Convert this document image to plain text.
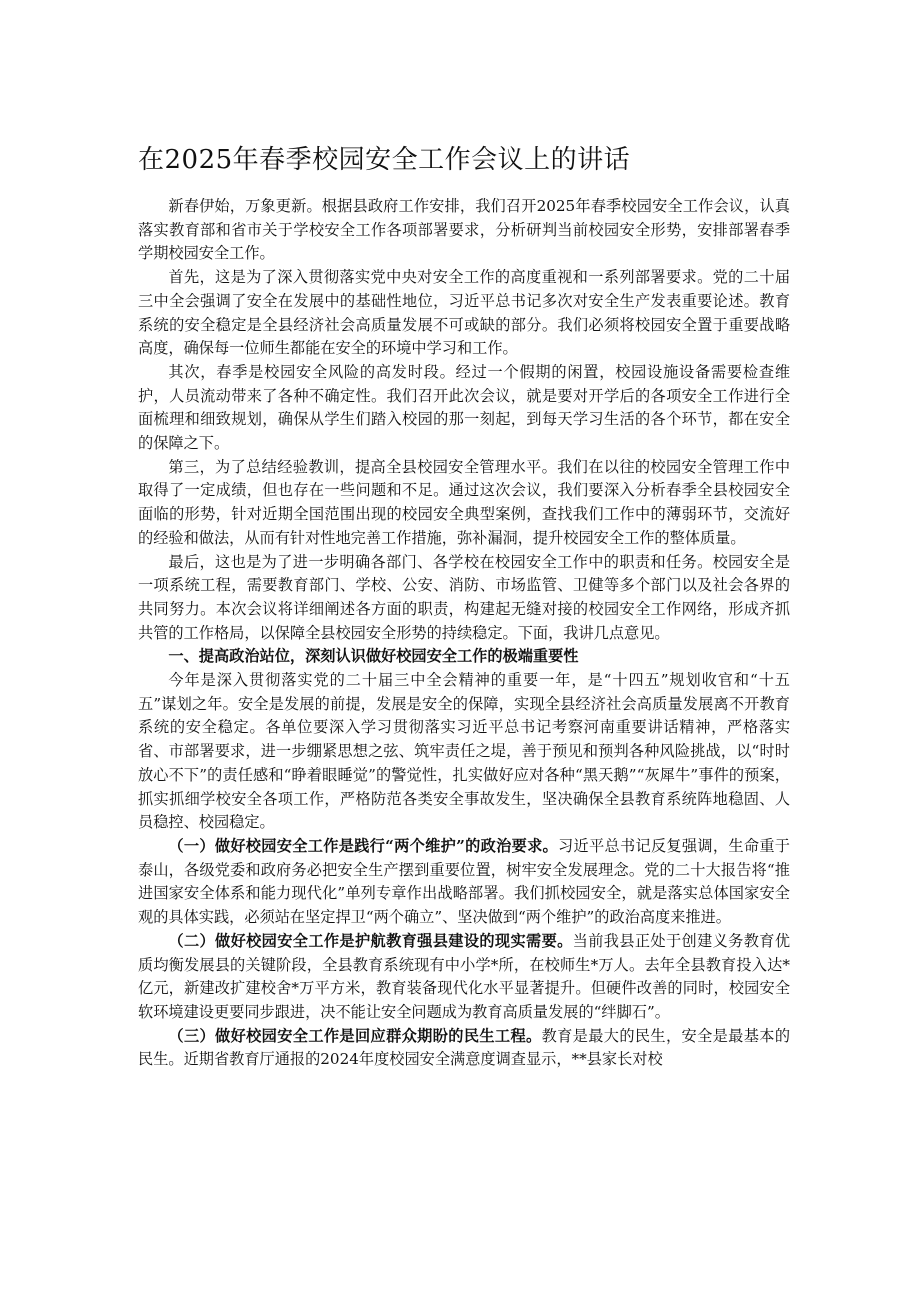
在2025年春季校园安全工作会议上的讲话

新春伊始，万象更新。根据县政府工作安排，我们召开2025年春季校园安全工作会议，认真落实教育部和省市关于学校安全工作各项部署要求，分析研判当前校园安全形势，安排部署春季学期校园安全工作。

首先，这是为了深入贯彻落实党中央对安全工作的高度重视和一系列部署要求。党的二十届三中全会强调了安全在发展中的基础性地位，习近平总书记多次对安全生产发表重要论述。教育系统的安全稳定是全县经济社会高质量发展不可或缺的部分。我们必须将校园安全置于重要战略高度，确保每一位师生都能在安全的环境中学习和工作。

其次，春季是校园安全风险的高发时段。经过一个假期的闲置，校园设施设备需要检查维护，人员流动带来了各种不确定性。我们召开此次会议，就是要对开学后的各项安全工作进行全面梳理和细致规划，确保从学生们踏入校园的那一刻起，到每天学习生活的各个环节，都在安全的保障之下。

第三，为了总结经验教训，提高全县校园安全管理水平。我们在以往的校园安全管理工作中取得了一定成绩，但也存在一些问题和不足。通过这次会议，我们要深入分析春季全县校园安全面临的形势，针对近期全国范围出现的校园安全典型案例，查找我们工作中的薄弱环节，交流好的经验和做法，从而有针对性地完善工作措施，弥补漏洞，提升校园安全工作的整体质量。

最后，这也是为了进一步明确各部门、各学校在校园安全工作中的职责和任务。校园安全是一项系统工程，需要教育部门、学校、公安、消防、市场监管、卫健等多个部门以及社会各界的共同努力。本次会议将详细阐述各方面的职责，构建起无缝对接的校园安全工作网络，形成齐抓共管的工作格局，以保障全县校园安全形势的持续稳定。下面，我讲几点意见。

一、提高政治站位，深刻认识做好校园安全工作的极端重要性

今年是深入贯彻落实党的二十届三中全会精神的重要一年，是“十四五”规划收官和“十五五”谋划之年。安全是发展的前提，发展是安全的保障，实现全县经济社会高质量发展离不开教育系统的安全稳定。各单位要深入学习贯彻落实习近平总书记考察河南重要讲话精神，严格落实省、市部署要求，进一步绷紧思想之弦、筑牢责任之堤，善于预见和预判各种风险挑战，以“时时放心不下”的责任感和“睁着眼睡觉”的警觉性，扎实做好应对各种“黑天鹅”“灰犀牛”事件的预案，抓实抓细学校安全各项工作，严格防范各类安全事故发生，坚决确保全县教育系统阵地稳固、人员稳控、校园稳定。

（一）做好校园安全工作是践行“两个维护”的政治要求。习近平总书记反复强调，生命重于泰山，各级党委和政府务必把安全生产摆到重要位置，树牢安全发展理念。党的二十大报告将“推进国家安全体系和能力现代化”单列专章作出战略部署。我们抓校园安全，就是落实总体国家安全观的具体实践，必须站在坚定捍卫“两个确立”、坚决做到“两个维护”的政治高度来推进。

（二）做好校园安全工作是护航教育强县建设的现实需要。当前我县正处于创建义务教育优质均衡发展县的关键阶段，全县教育系统现有中小学*所，在校师生*万人。去年全县教育投入达*亿元，新建改扩建校舍*万平方米，教育装备现代化水平显著提升。但硬件改善的同时，校园安全软环境建设更要同步跟进，决不能让安全问题成为教育高质量发展的“绊脚石”。

（三）做好校园安全工作是回应群众期盼的民生工程。教育是最大的民生，安全是最基本的民生。近期省教育厅通报的2024年度校园安全满意度调查显示，**县家长对校
